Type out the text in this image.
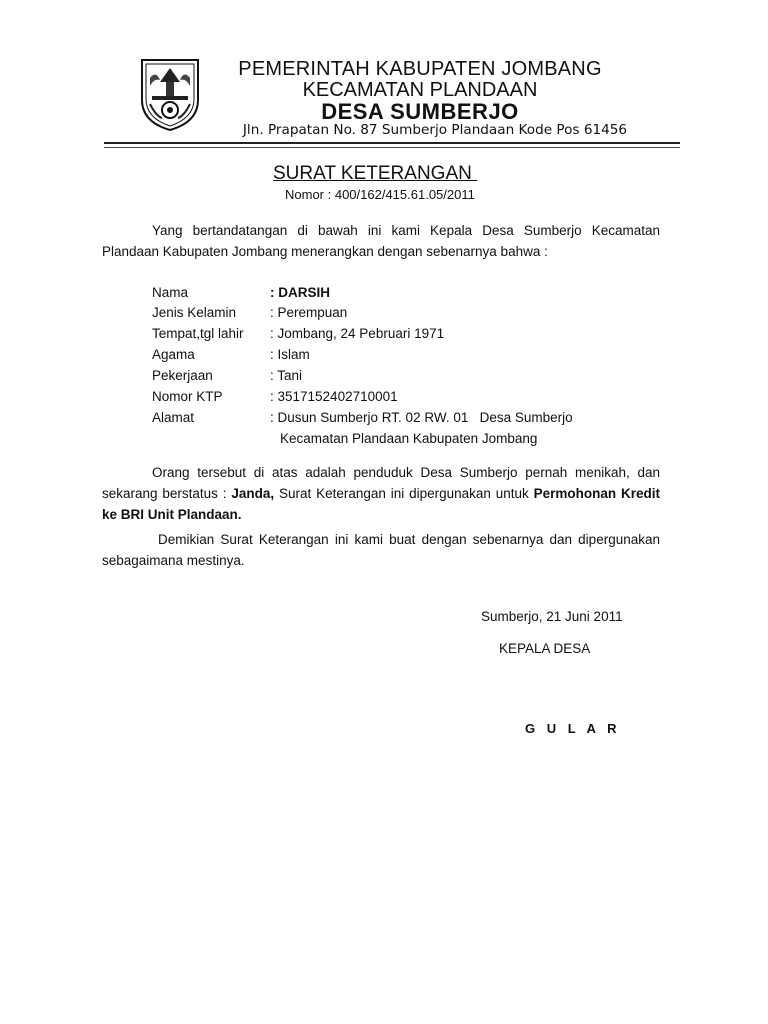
PEMERINTAH KABUPATEN JOMBANG
KECAMATAN PLANDAAN
DESA SUMBERJO
Jln. Prapatan No. 87 Sumberjo Plandaan Kode Pos 61456
SURAT KETERANGAN
Nomor : 400/162/415.61.05/2011
Yang bertandatangan di bawah ini kami Kepala Desa Sumberjo Kecamatan Plandaan Kabupaten Jombang menerangkan dengan sebenarnya bahwa :
Nama	: DARSIH
Jenis Kelamin	: Perempuan
Tempat,tgl lahir : Jombang, 24 Pebruari 1971
Agama	: Islam
Pekerjaan	: Tani
Nomor KTP	: 3517152402710001
Alamat	: Dusun Sumberjo RT. 02 RW. 01   Desa Sumberjo
Kecamatan Plandaan Kabupaten Jombang
Orang tersebut di atas adalah penduduk Desa Sumberjo pernah menikah, dan sekarang berstatus : Janda, Surat Keterangan ini dipergunakan untuk Permohonan Kredit ke BRI Unit Plandaan.
Demikian Surat Keterangan ini kami buat dengan sebenarnya dan dipergunakan sebagaimana mestinya.
Sumberjo, 21 Juni 2011
KEPALA DESA
G U L A R
